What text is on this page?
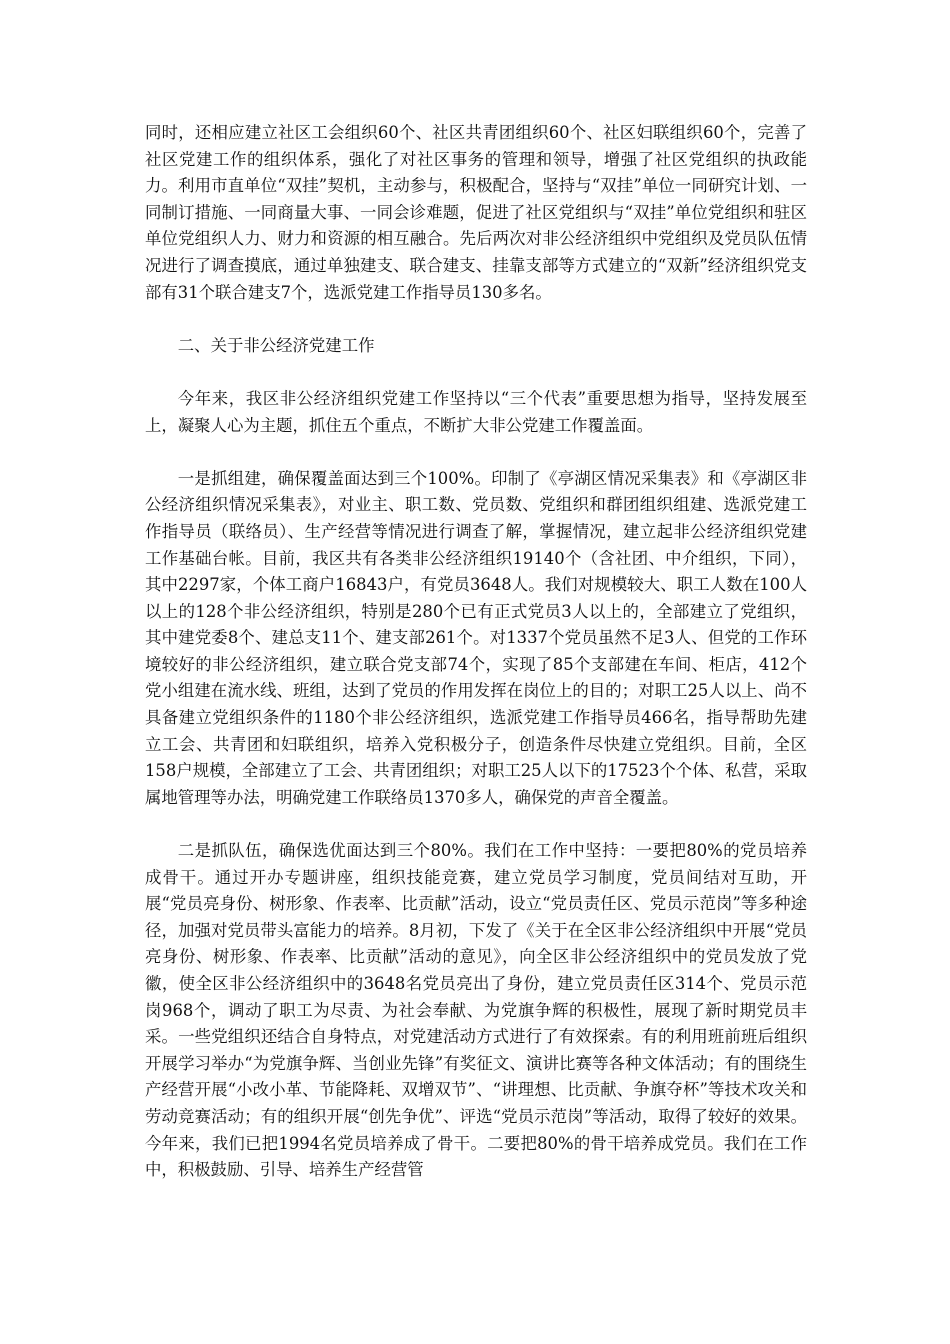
同时，还相应建立社区工会组织60个、社区共青团组织60个、社区妇联组织60个，完善了社区党建工作的组织体系，强化了对社区事务的管理和领导，增强了社区党组织的执政能力。利用市直单位“双挂”契机，主动参与，积极配合，坚持与“双挂”单位一同研究计划、一同制订措施、一同商量大事、一同会诊难题，促进了社区党组织与“双挂”单位党组织和驻区单位党组织人力、财力和资源的相互融合。先后两次对非公经济组织中党组织及党员队伍情况进行了调查摸底，通过单独建支、联合建支、挂靠支部等方式建立的“双新”经济组织党支部有31个联合建支7个，选派党建工作指导员130多名。

二、关于非公经济党建工作

今年来，我区非公经济组织党建工作坚持以“三个代表”重要思想为指导，坚持发展至上，凝聚人心为主题，抓住五个重点，不断扩大非公党建工作覆盖面。

一是抓组建，确保覆盖面达到三个100%。印制了《亭湖区情况采集表》和《亭湖区非公经济组织情况采集表》，对业主、职工数、党员数、党组织和群团组织组建、选派党建工作指导员（联络员）、生产经营等情况进行调查了解，掌握情况，建立起非公经济组织党建工作基础台帐。目前，我区共有各类非公经济组织19140个（含社团、中介组织，下同），其中2297家，个体工商户16843户，有党员3648人。我们对规模较大、职工人数在100人以上的128个非公经济组织，特别是280个已有正式党员3人以上的，全部建立了党组织，其中建党委8个、建总支11个、建支部261个。对1337个党员虽然不足3人、但党的工作环境较好的非公经济组织，建立联合党支部74个，实现了85个支部建在车间、柜店，412个党小组建在流水线、班组，达到了党员的作用发挥在岗位上的目的；对职工25人以上、尚不具备建立党组织条件的1180个非公经济组织，选派党建工作指导员466名，指导帮助先建立工会、共青团和妇联组织，培养入党积极分子，创造条件尽快建立党组织。目前，全区158户规模，全部建立了工会、共青团组织；对职工25人以下的17523个个体、私营，采取属地管理等办法，明确党建工作联络员1370多人，确保党的声音全覆盖。

二是抓队伍，确保选优面达到三个80%。我们在工作中坚持：一要把80%的党员培养成骨干。通过开办专题讲座，组织技能竞赛，建立党员学习制度，党员间结对互助，开展“党员亮身份、树形象、作表率、比贡献”活动，设立“党员责任区、党员示范岗”等多种途径，加强对党员带头富能力的培养。8月初，下发了《关于在全区非公经济组织中开展“党员亮身份、树形象、作表率、比贡献”活动的意见》，向全区非公经济组织中的党员发放了党徽，使全区非公经济组织中的3648名党员亮出了身份，建立党员责任区314个、党员示范岗968个，调动了职工为尽责、为社会奉献、为党旗争辉的积极性，展现了新时期党员丰采。一些党组织还结合自身特点，对党建活动方式进行了有效探索。有的利用班前班后组织开展学习举办“为党旗争辉、当创业先锋”有奖征文、演讲比赛等各种文体活动；有的围绕生产经营开展“小改小革、节能降耗、双增双节”、“讲理想、比贡献、争旗夺杯”等技术攻关和劳动竞赛活动；有的组织开展“创先争优”、评选“党员示范岗”等活动，取得了较好的效果。今年来，我们已把1994名党员培养成了骨干。二要把80%的骨干培养成党员。我们在工作中，积极鼓励、引导、培养生产经营管
